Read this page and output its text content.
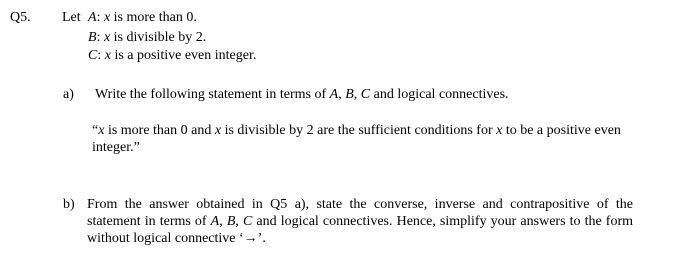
Q5. Let A: x is more than 0.
B: x is divisible by 2.
C: x is a positive even integer.
a) Write the following statement in terms of A, B, C and logical connectives.
“x is more than 0 and x is divisible by 2 are the sufficient conditions for x to be a positive even integer.”
b) From the answer obtained in Q5 a), state the converse, inverse and contrapositive of the statement in terms of A, B, C and logical connectives. Hence, simplify your answers to the form without logical connective ‘→’.
